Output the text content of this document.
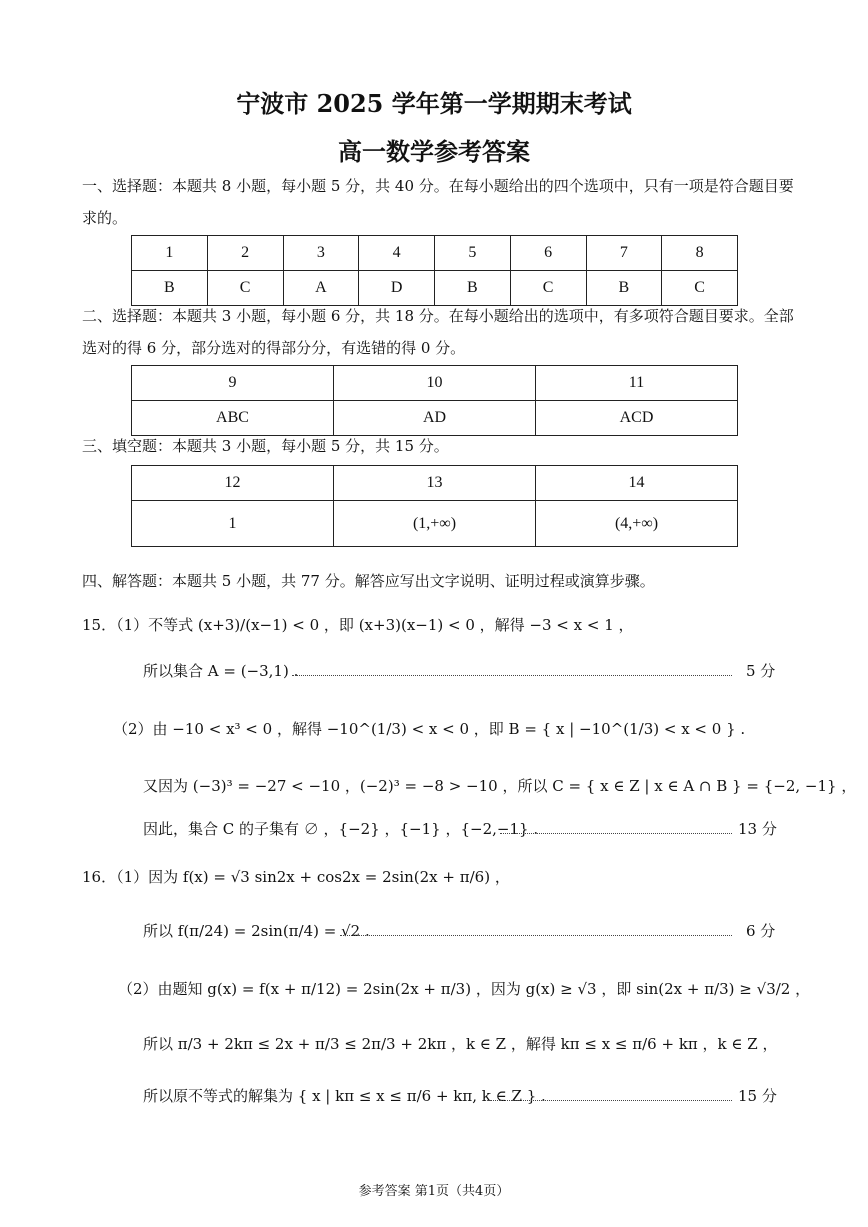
宁波市 2025 学年第一学期期末考试
高一数学参考答案
一、选择题：本题共 8 小题，每小题 5 分，共 40 分。在每小题给出的四个选项中，只有一项是符合题目要求的。
1	2	3	4	5	6	7	8
B	C	A	D	B	C	B	C
二、选择题：本题共 3 小题，每小题 6 分，共 18 分。在每小题给出的选项中，有多项符合题目要求。全部选对的得 6 分，部分选对的得部分分，有选错的得 0 分。
9	10	11
ABC	AD	ACD
三、填空题：本题共 3 小题，每小题 5 分，共 15 分。
12	13	14
1	(1,+∞)	(4,+∞)
四、解答题：本题共 5 小题，共 77 分。解答应写出文字说明、证明过程或演算步骤。
15．（1）不等式 (x+3)/(x−1) < 0 ，即 (x+3)(x−1) < 0 ，解得 −3 < x < 1 ，
所以集合 A = (−3,1) .	5 分
（2）由 −10 < x³ < 0 ，解得 −10^(1/3) < x < 0 ，即 B = { x | −10^(1/3) < x < 0 } .
又因为 (−3)³ = −27 < −10 ，(−2)³ = −8 > −10 ，所以 C = { x ∈ Z | x ∈ A ∩ B } = {−2, −1} ，
因此，集合 C 的子集有 ∅ ，{−2} ，{−1} ，{−2,−1} .	13 分
16．（1）因为 f(x) = √3 sin2x + cos2x = 2sin(2x + π/6) ，
所以 f(π/24) = 2sin(π/4) = √2 .	6 分
（2）由题知 g(x) = f(x + π/12) = 2sin(2x + π/3) ，因为 g(x) ≥ √3 ，即 sin(2x + π/3) ≥ √3/2 ，
所以 π/3 + 2kπ ≤ 2x + π/3 ≤ 2π/3 + 2kπ ，k ∈ Z ，解得 kπ ≤ x ≤ π/6 + kπ ，k ∈ Z ，
所以原不等式的解集为 { x | kπ ≤ x ≤ π/6 + kπ, k ∈ Z } .	15 分
参考答案 第1页（共4页）
